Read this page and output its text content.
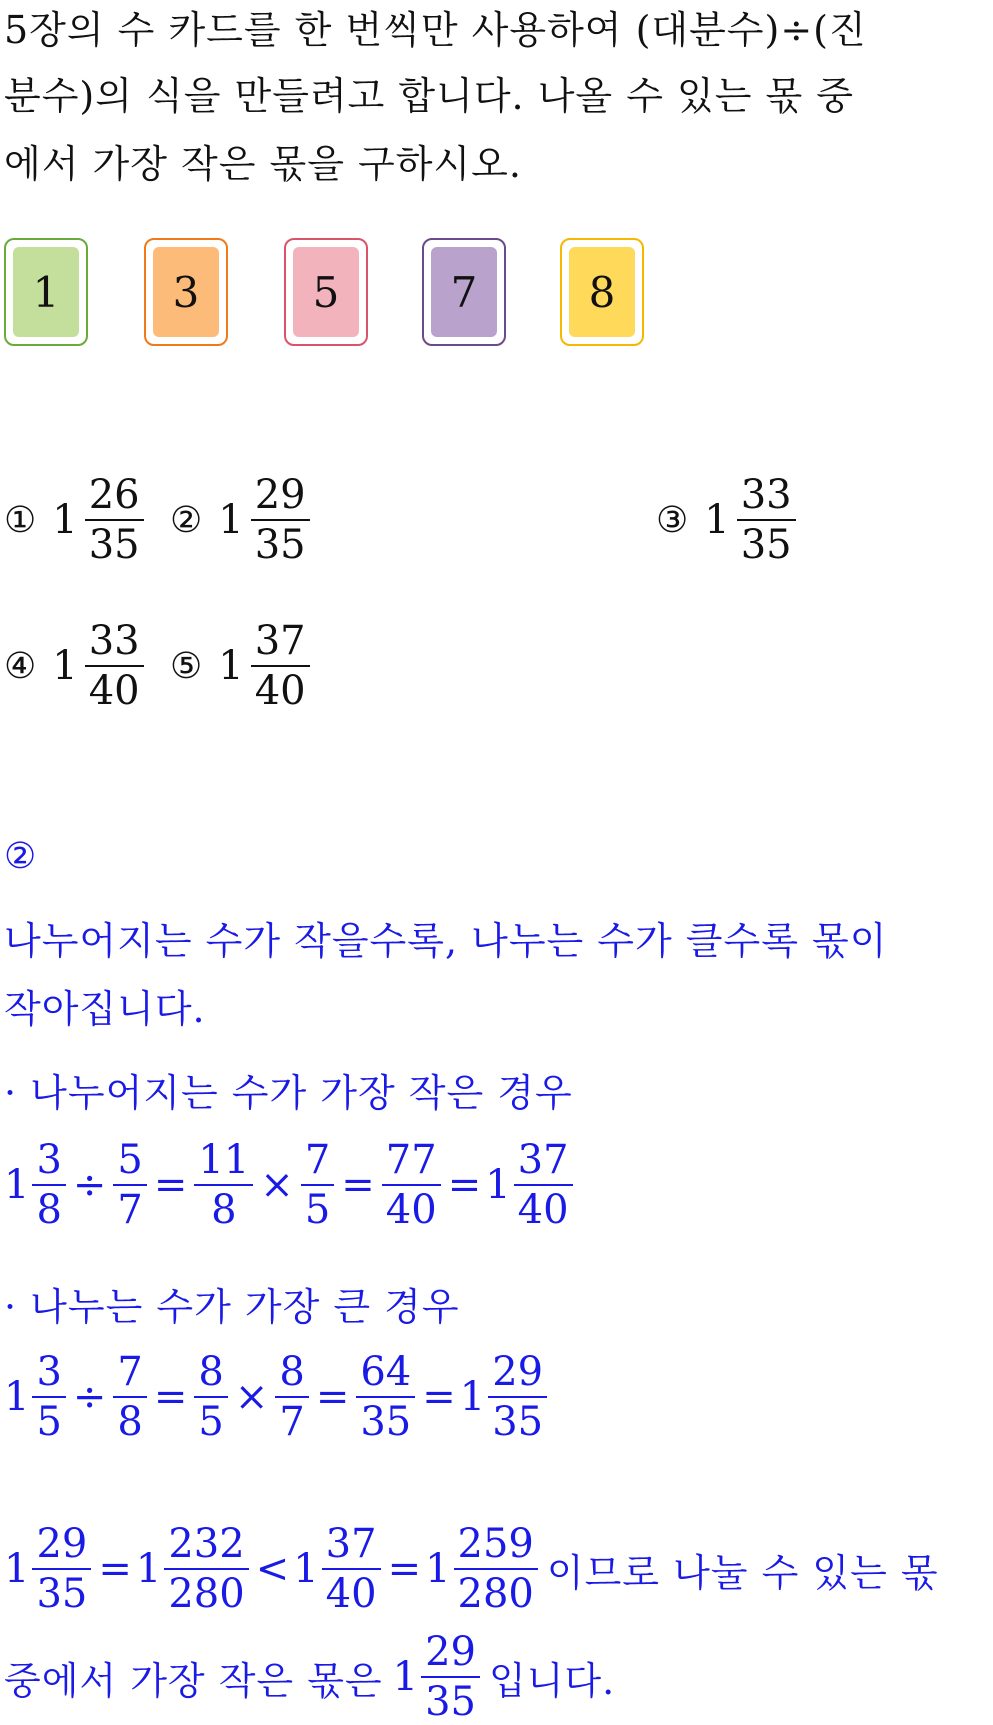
5장의 수 카드를 한 번씩만 사용하여 (대분수)÷(진
분수)의 식을 만들려고 합니다. 나올 수 있는 몫 중
에서 가장 작은 몫을 구하시오.
1	3	5	7	8
① $1 \frac{26}{35}$ ② $1 \frac{29}{35}$	③ $1 \frac{33}{35}$
④ $1 \frac{33}{40}$ ⑤ $1 \frac{37}{40}$
②
나누어지는 수가 작을수록, 나누는 수가 클수록 몫이
작아집니다.
· 나누어지는 수가 가장 작은 경우
$1 \frac{3}{8} \div \frac{5}{7} = \frac{11}{8} \times \frac{7}{5} = \frac{77}{40} = 1 \frac{37}{40}$
· 나누는 수가 가장 큰 경우
$1 \frac{3}{5} \div \frac{7}{8} = \frac{8}{5} \times \frac{8}{7} = \frac{64}{35} = 1 \frac{29}{35}$
$1 \frac{29}{35} = 1 \frac{232}{280} < 1 \frac{37}{40} = 1 \frac{259}{280}$ 이므로 나눌 수 있는 몫
중에서 가장 작은 몫은 $1 \frac{29}{35}$ 입니다.
